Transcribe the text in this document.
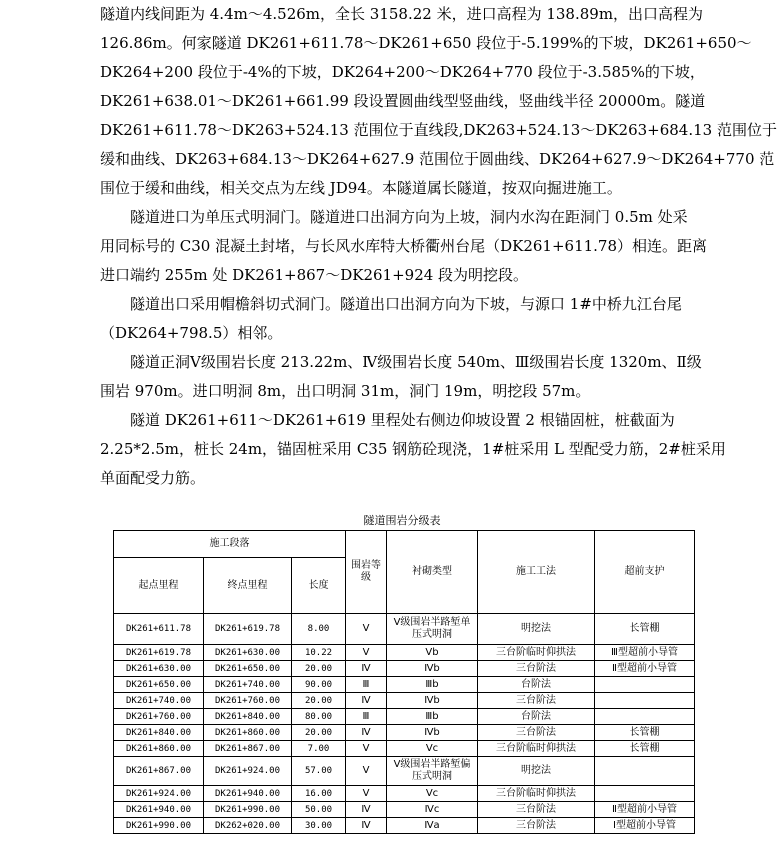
隧道内线间距为 4.4m～4.526m，全长 3158.22 米，进口高程为 138.89m，出口高程为
126.86m。何家隧道 DK261+611.78～DK261+650 段位于-5.199%的下坡，DK261+650～
DK264+200 段位于-4%的下坡，DK264+200～DK264+770 段位于-3.585%的下坡，
DK261+638.01～DK261+661.99 段设置圆曲线型竖曲线，竖曲线半径 20000m。隧道
DK261+611.78～DK263+524.13 范围位于直线段,DK263+524.13～DK263+684.13 范围位于
缓和曲线、DK263+684.13～DK264+627.9 范围位于圆曲线、DK264+627.9～DK264+770 范
围位于缓和曲线，相关交点为左线 JD94。本隧道属长隧道，按双向掘进施工。
隧道进口为单压式明洞门。隧道进口出洞方向为上坡，洞内水沟在距洞门 0.5m 处采
用同标号的 C30 混凝土封堵，与长风水库特大桥衢州台尾（DK261+611.78）相连。距离
进口端约 255m 处 DK261+867～DK261+924 段为明挖段。
隧道出口采用帽檐斜切式洞门。隧道出口出洞方向为下坡，与源口 1#中桥九江台尾
（DK264+798.5）相邻。
隧道正洞Ⅴ级围岩长度 213.22m、Ⅳ级围岩长度 540m、Ⅲ级围岩长度 1320m、Ⅱ级
围岩 970m。进口明洞 8m，出口明洞 31m，洞门 19m，明挖段 57m。
隧道 DK261+611～DK261+619 里程处右侧边仰坡设置 2 根锚固桩，桩截面为
2.25*2.5m，桩长 24m，锚固桩采用 C35 钢筋砼现浇，1#桩采用 L 型配受力筋，2#桩采用
单面配受力筋。
隧道围岩分级表
施工段落			围岩等级	衬砌类型	施工工法	超前支护
起点里程	终点里程	长度				
DK261+611.78	DK261+619.78	8.00	Ⅴ	Ⅴ级围岩半路堑单压式明洞	明挖法	长管棚
DK261+619.78	DK261+630.00	10.22	Ⅴ	Ⅴb	三台阶临时仰拱法	Ⅲ型超前小导管
DK261+630.00	DK261+650.00	20.00	Ⅳ	Ⅳb	三台阶法	Ⅱ型超前小导管
DK261+650.00	DK261+740.00	90.00	Ⅲ	Ⅲb	台阶法	
DK261+740.00	DK261+760.00	20.00	Ⅳ	Ⅳb	三台阶法	
DK261+760.00	DK261+840.00	80.00	Ⅲ	Ⅲb	台阶法	
DK261+840.00	DK261+860.00	20.00	Ⅳ	Ⅳb	三台阶法	长管棚
DK261+860.00	DK261+867.00	7.00	Ⅴ	Ⅴc	三台阶临时仰拱法	长管棚
DK261+867.00	DK261+924.00	57.00	Ⅴ	Ⅴ级围岩半路堑偏压式明洞	明挖法	
DK261+924.00	DK261+940.00	16.00	Ⅴ	Ⅴc	三台阶临时仰拱法	
DK261+940.00	DK261+990.00	50.00	Ⅳ	Ⅳc	三台阶法	Ⅱ型超前小导管
DK261+990.00	DK262+020.00	30.00	Ⅳ	Ⅳa	三台阶法	Ⅰ型超前小导管
